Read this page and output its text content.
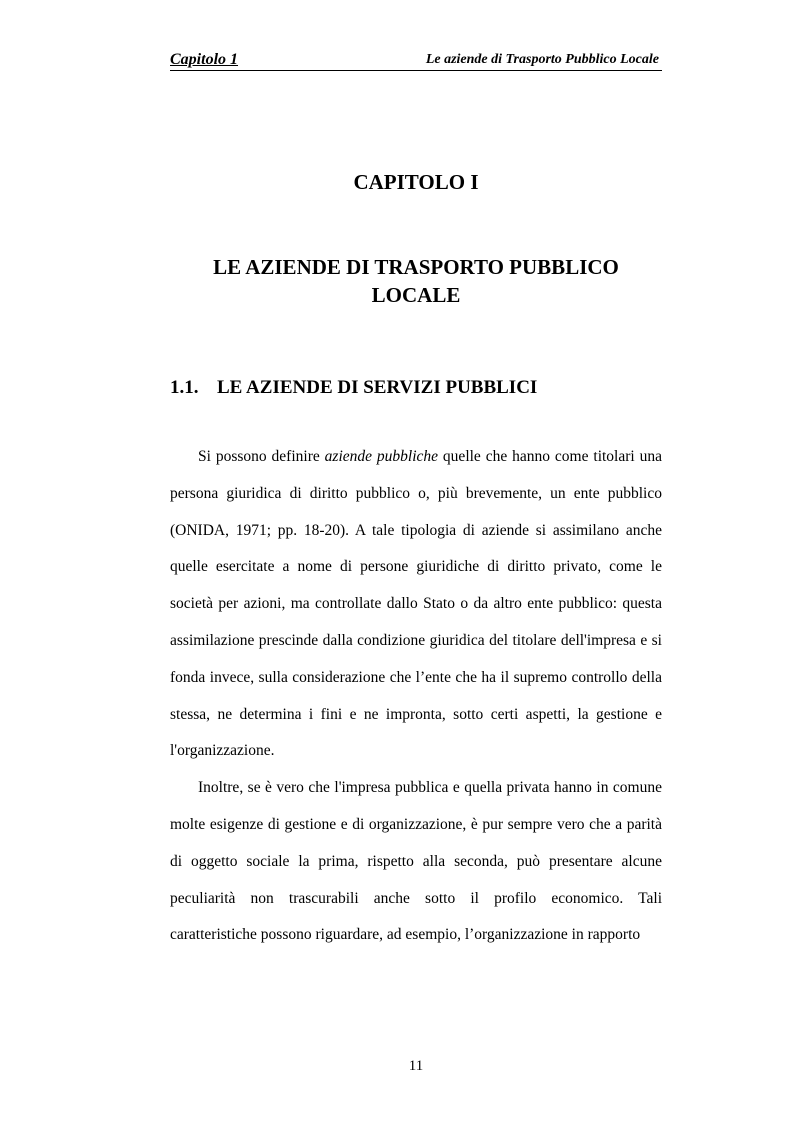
Capitolo 1	Le aziende di Trasporto Pubblico Locale
CAPITOLO I
LE AZIENDE DI TRASPORTO PUBBLICO
LOCALE
1.1. LE AZIENDE DI SERVIZI PUBBLICI

Si possono definire aziende pubbliche quelle che hanno come titolari una persona giuridica di diritto pubblico o, più brevemente, un ente pubblico (ONIDA, 1971; pp. 18-20). A tale tipologia di aziende si assimilano anche quelle esercitate a nome di persone giuridiche di diritto privato, come le società per azioni, ma controllate dallo Stato o da altro ente pubblico: questa assimilazione prescinde dalla condizione giuridica del titolare dell'impresa e si fonda invece, sulla considerazione che l’ente che ha il supremo controllo della stessa, ne determina i fini e ne impronta, sotto certi aspetti, la gestione e l'organizzazione.

Inoltre, se è vero che l'impresa pubblica e quella privata hanno in comune molte esigenze di gestione e di organizzazione, è pur sempre vero che a parità di oggetto sociale la prima, rispetto alla seconda, può presentare alcune peculiarità non trascurabili anche sotto il profilo economico. Tali caratteristiche possono riguardare, ad esempio, l’organizzazione in rapporto

11
